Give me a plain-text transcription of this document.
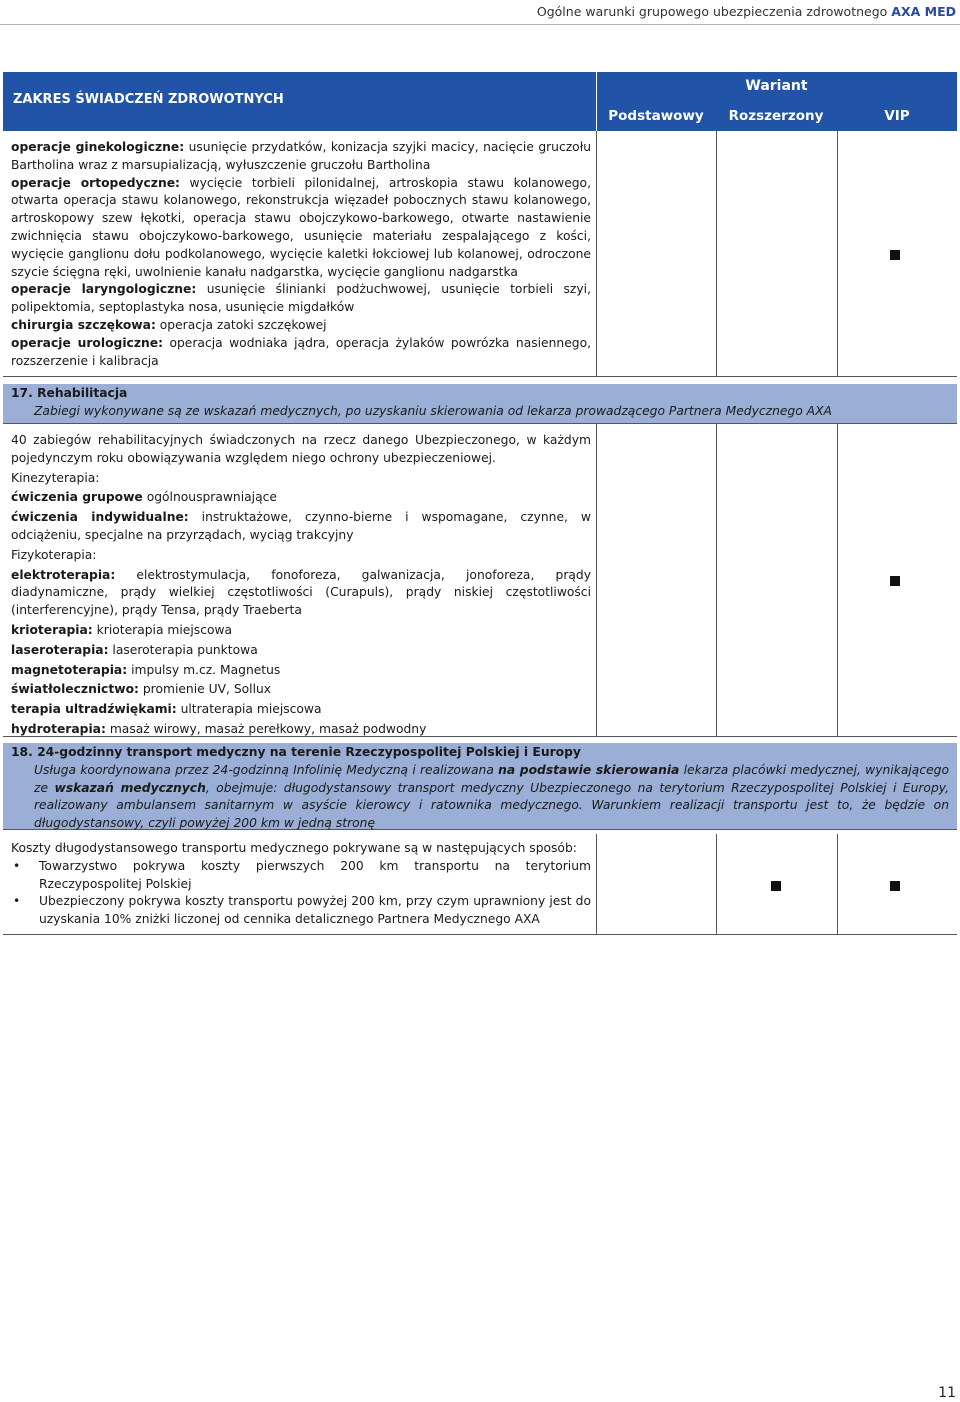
Ogólne warunki grupowego ubezpieczenia zdrowotnego AXA MED
ZAKRES ŚWIADCZEŃ ZDROWOTNYCH
Wariant
Podstawowy	Rozszerzony	VIP

operacje ginekologiczne: usunięcie przydatków, konizacja szyjki macicy, nacięcie gruczołu Bartholina wraz z marsupializacją, wyłuszczenie gruczołu Bartholina

operacje ortopedyczne: wycięcie torbieli pilonidalnej, artroskopia stawu kolanowego, otwarta operacja stawu kolanowego, rekonstrukcja więzadeł pobocznych stawu kolanowego, artroskopowy szew łękotki, operacja stawu obojczykowo-barkowego, otwarte nastawienie zwichnięcia stawu obojczykowo-barkowego, usunięcie materiału zespalającego z kości, wycięcie ganglionu dołu podkolanowego, wycięcie kaletki łokciowej lub kolanowej, odroczone szycie ścięgna ręki, uwolnienie kanału nadgarstka, wycięcie ganglionu nadgarstka

operacje laryngologiczne: usunięcie ślinianki podżuchwowej, usunięcie torbieli szyi, polipektomia, septoplastyka nosa, usunięcie migdałków

chirurgia szczękowa: operacja zatoki szczękowej

operacje urologiczne: operacja wodniaka jądra, operacja żylaków powrózka nasiennego, rozszerzenie i kalibracja

17. Rehabilitacja
Zabiegi wykonywane są ze wskazań medycznych, po uzyskaniu skierowania od lekarza prowadzącego Partnera Medycznego AXA

40 zabiegów rehabilitacyjnych świadczonych na rzecz danego Ubezpieczonego, w każdym pojedynczym roku obowiązywania względem niego ochrony ubezpieczeniowej.

Kinezyterapia:

ćwiczenia grupowe ogólnousprawniające

ćwiczenia indywidualne: instruktażowe, czynno-bierne i wspomagane, czynne, w odciążeniu, specjalne na przyrządach, wyciąg trakcyjny

Fizykoterapia:

elektroterapia: elektrostymulacja, fonoforeza, galwanizacja, jonoforeza, prądy diadynamiczne, prądy wielkiej częstotliwości (Curapuls), prądy niskiej częstotliwości (interferencyjne), prądy Tensa, prądy Traeberta

krioterapia: krioterapia miejscowa

laseroterapia: laseroterapia punktowa

magnetoterapia: impulsy m.cz. Magnetus

światłolecznictwo: promienie UV, Sollux

terapia ultradźwiękami: ultraterapia miejscowa

hydroterapia: masaż wirowy, masaż perełkowy, masaż podwodny

18. 24-godzinny transport medyczny na terenie Rzeczypospolitej Polskiej i Europy
Usługa koordynowana przez 24-godzinną Infolinię Medyczną i realizowana na podstawie skierowania lekarza placówki medycznej, wynikającego ze wskazań medycznych, obejmuje: długodystansowy transport medyczny Ubezpieczonego na terytorium Rzeczypospolitej Polskiej i Europy, realizowany ambulansem sanitarnym w asyście kierowcy i ratownika medycznego. Warunkiem realizacji transportu jest to, że będzie on długodystansowy, czyli powyżej 200 km w jedną stronę

Koszty długodystansowego transportu medycznego pokrywane są w następujących sposób:

• Towarzystwo pokrywa koszty pierwszych 200 km transportu na terytorium Rzeczypospolitej Polskiej
• Ubezpieczony pokrywa koszty transportu powyżej 200 km, przy czym uprawniony jest do uzyskania 10% zniżki liczonej od cennika detalicznego Partnera Medycznego AXA
11
